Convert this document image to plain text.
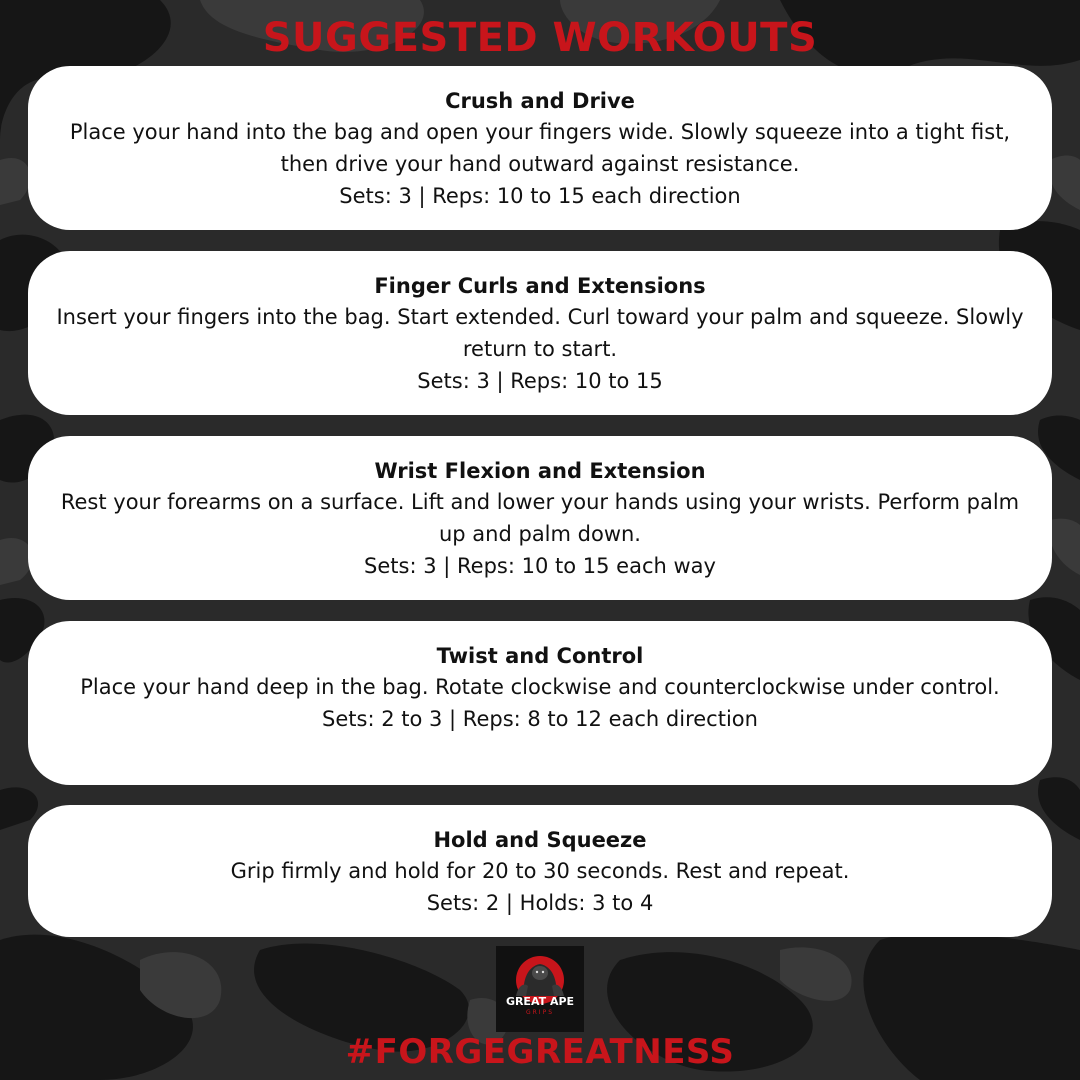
SUGGESTED WORKOUTS
Crush and Drive
Place your hand into the bag and open your fingers wide. Slowly squeeze into a tight fist, then drive your hand outward against resistance.
Sets: 3 | Reps: 10 to 15 each direction
Finger Curls and Extensions
Insert your fingers into the bag. Start extended. Curl toward your palm and squeeze. Slowly return to start.
Sets: 3 | Reps: 10 to 15
Wrist Flexion and Extension
Rest your forearms on a surface. Lift and lower your hands using your wrists. Perform palm up and palm down.
Sets: 3 | Reps: 10 to 15 each way
Twist and Control
Place your hand deep in the bag. Rotate clockwise and counterclockwise under control.
Sets: 2 to 3 | Reps: 8 to 12 each direction
Hold and Squeeze
Grip firmly and hold for 20 to 30 seconds. Rest and repeat.
Sets: 2 | Holds: 3 to 4
GREAT APE
GRIPS
#FORGEGREATNESS
